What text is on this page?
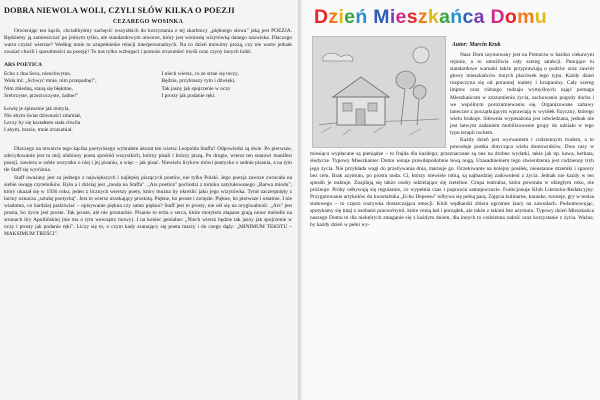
DOBRA NIEWOLA WOLI, CZYLI SŁÓW KILKA O POEZJI
CEZAREGO WOSINKA

Otwierając ten kącik, chciałibyśmy zachęcić wszystkich do korzystania z tej skarbnicy „pięknego słowa" jaką jest POEZJA. Będziemy ją zamieszczać po jednym tylko, ale standardowym utworze, który jest wzniosłą wizytówką danego nazwiska. Dlaczego warto czytać wiersze? Według mnie to uzupełnienie relacji interpersonalnych. Na co dzień mówimy prozą, czy nie warto jednak zważać chwili i sposobności na poezję? To nas tylko wzbogaci i pomoże zrozumieć myśli oraz czyny innych ludzi.

ARS POETICA
Echo z dna Seca, nieuchwytne,
Woła mi: „Schwyć mnie, nim przepadnę!",
Nim zbledną, staną się błękitne,
Srebrzyste, przezroczyste, żadne!"
Łowię je śpiesznie jak motyla,
Nie abym świat dziwności zdumiał,
Leczy by się kształtem stała chwila
I abym, bracie, mnie zrozumiał.
I niech wiersz, co ze stran się toczy,
Będzie, przybraszy rym i dźwięki,
Tak jasny jak spojrzenie w oczy
I prosty jak podanie ręki.

Dlaczego na otwarcie tego kącika poetyckiego wybrałem akurat ten wiersz Leopolda Staffa? Odpowiedzi są dwie. Po pierwsze, zdecydowanie jest to mój ulubiony poeta spośród wszystkich, którzy pisali i którzy piszą. Po drugie, wiersz ten stanowi manifest poezji, zawiera w sobie wszystko o niej i jej pisaniu, a więc – jak pisać. Niewielu lirykow mówi poetycko o sednie pisania, a na tym tle Staff się wyróżnia.

Staff uważany jest za jednego z największych i najlepiej piszących poetów, nie tylko Polski. Jego poezja zawsze zwracała na siebie uwagę czytelników. Była a i dzisiaj jest „moda na Staffa". „Ars poetica" pochodzi z tomiku zatytułowanego „Barwa miodu", który ukazał się w 1936 roku; jeden z licznych wierszy poety, który można by określić jako jego wizytówka. Tytuł zaczerpnięty z łaciny oznacza „sztukę poetycką". Jest to wiersz urzekający prostotą. Piękne, bo proste i zwięzłe. Piękne, bo pierwsze i ostatnie. I nie wiadomo, co bardziej podziwiać – opisywanie piękna czy samo piękno? Staff jest to prosty, nie ośl się na orygiwalność. „Ars" jest prosta, bo życie jest proste. Tak proste, ale nie prostackie. Pisanie to echa z serca, które motylem złapane grają nowe melodie na strunach liry Apollińskiej (nie ma o tym wewnątrz mowy). I na koniec genialne: „Niech wiersz będzie tak jasny jak spojrzenie w oczy i prosty jak podanie ręki". Liczy się to, o czym kady szanujący się poeta marzy i do czego dąży: „MINIMUM TEKSTU – MAKSIMUM TREŚCI".

Dzień Mieszkańca Domu
Autor: Marcin Kruk

Nasz Dom usytuowany jest na Pomorzu w bardzo ciekawym rejonie, a to umożliwia cały szereg atrakcji. Panujące tu standardowe warunki także przyprawiają o podziw oraz zawrót głowy mieszkańców innych placówek tego typu. Każdy dzień rozpoczyna się od porannej toalety i krzątaniny. Cały szereg imprez oraz różnego rodzaju wymyślnych zajęć pomaga Mieszkańcom w zrozumieniu życia, zachowaniu pogody ducha i we wspólnym porozumiewaniu się. Organizowane zabawy taneczne z początkującym wprawiają w wysiłek fizyczny, którego wielu brakuje. Siłownia wyposażona jest odwiedzana, jednak nie jest łatwym zadaniem mobilizowanie grupy do udziału w tego typu terapii ruchem.

Każdy dzień jest wyzwaniem i codziennym trudem, a to powoduje pustka dotycząca wielu domowników. Dwa razy w miesiącu wypłacane są pieniądze – to frajda dla każdego; przeznaczane są one na drobne wydatki, takie jak np. kawa, herbata, słodycze. Typowy Mieszkaniec Domu wstaje prawdopodobnie lewą nogą. Uzasadnieniem tego stwierdzenia jest codzienny tryb jego życia. Nie przykłada wagi do przeżywania dnia, marnuje go. Oczekiwanie na kolejny posiłek, nieustanne drzemki i spacery bez celu. Brak azymutu, po prostu nuda. Ci, którzy niewiele robią, są najbardziej zadowoleni z życia. Jednak nie każdy w ten sposób je traktuje. Znajdują się także osoby udzielające się rzetelnie. Grupa teatralna, która powstała w ubiegłym roku, nie próżnuje. Próby odbywają się regularnie, co wypełnia czas i poprawia samopoczucie. Funkcjonuje Klub Literacko-Redakcyjny. Przygotowanie artykułów do kwartalnika „Echo Depeesu" odbywa się pełną parą. Zajęcia kulinarne, karaoke, turnieje, gry w tenisa stołowego – to często rozrywka dostarczająca emocji. Klub wędkarski zbiera ogromne laury na zawodach. Podsumowując, spotykamy się tutaj z osobami pracowitymi, które cenią ład i porządek, ale także z takimi bez azymutu. Typowy dzień Mieszkańca naszego Domu to dla niektórych zmaganie się z każdym dniem, dla innych to codzienna radość oraz korzystanie z życia. Ważne, by każdy dzień w pełni wy-
